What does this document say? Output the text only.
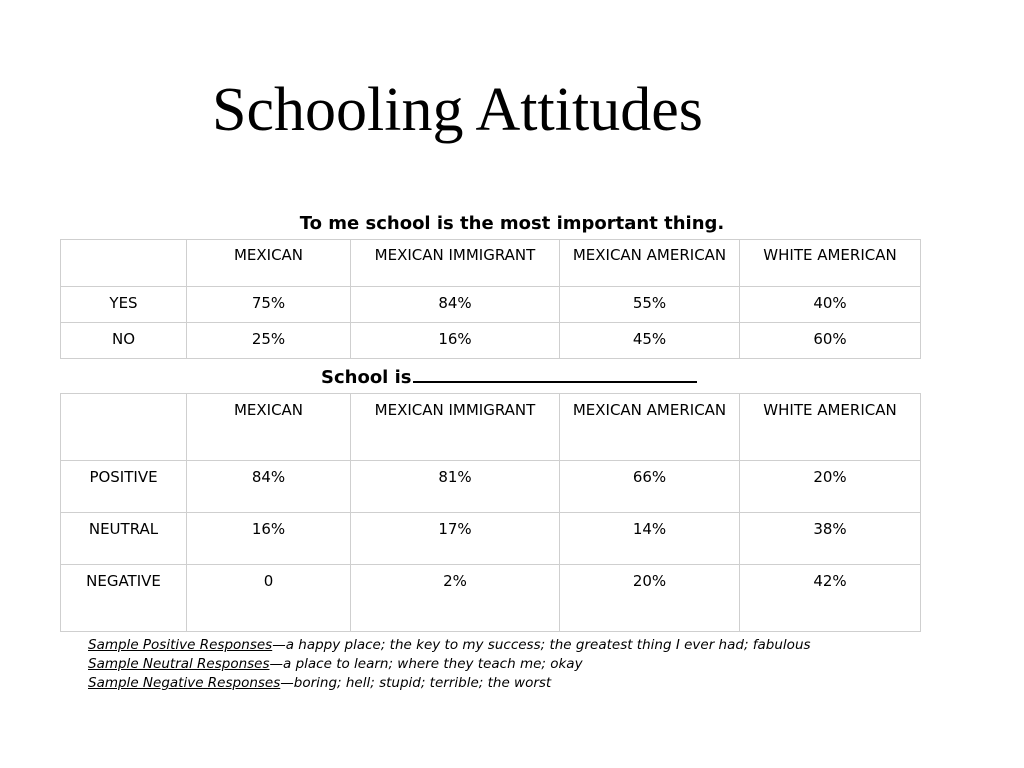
Schooling Attitudes
To me school is the most important thing.
	MEXICAN	MEXICAN IMMIGRANT	MEXICAN AMERICAN	WHITE AMERICAN
YES	75%	84%	55%	40%
NO	25%	16%	45%	60%
School is
	MEXICAN	MEXICAN IMMIGRANT	MEXICAN AMERICAN	WHITE AMERICAN
POSITIVE	84%	81%	66%	20%
NEUTRAL	16%	17%	14%	38%
NEGATIVE	0	2%	20%	42%
Sample Positive Responses—a happy place; the key to my success; the greatest thing I ever had; fabulous
Sample Neutral Responses—a place to learn; where they teach me; okay
Sample Negative Responses—boring; hell; stupid; terrible; the worst
